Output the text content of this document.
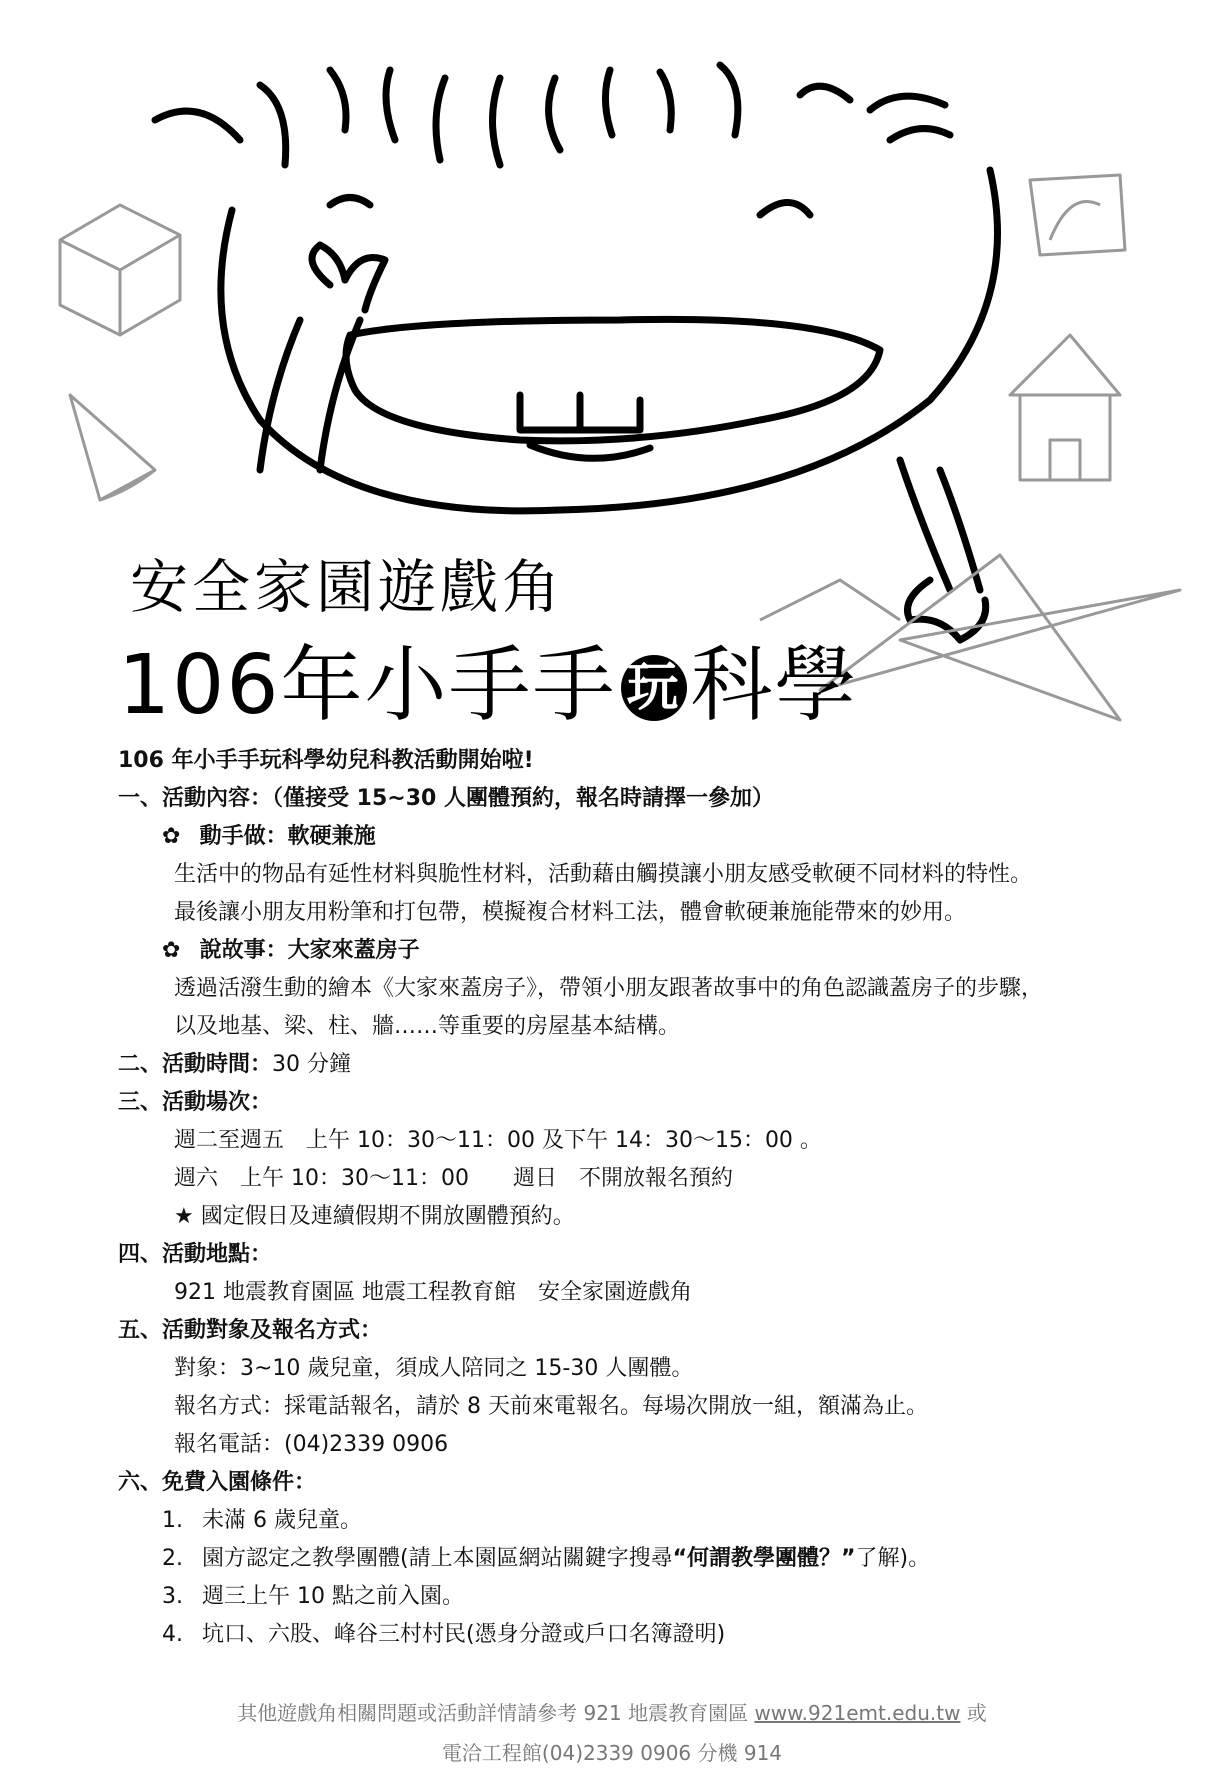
安全家園遊戲角
106年小手手 玩 科學
106 年小手手玩科學幼兒科教活動開始啦!
一、活動內容：（僅接受 15~30 人團體預約，報名時請擇一參加）
✿ 動手做：軟硬兼施
生活中的物品有延性材料與脆性材料，活動藉由觸摸讓小朋友感受軟硬不同材料的特性。
最後讓小朋友用粉筆和打包帶，模擬複合材料工法，體會軟硬兼施能帶來的妙用。
✿ 說故事：大家來蓋房子
透過活潑生動的繪本《大家來蓋房子》，帶領小朋友跟著故事中的角色認識蓋房子的步驟，
以及地基、梁、柱、牆……等重要的房屋基本結構。
二、活動時間：30 分鐘
三、活動場次：
週二至週五　上午 10：30～11：00 及下午 14：30～15：00 。
週六　上午 10：30～11：00　　週日　不開放報名預約
★ 國定假日及連續假期不開放團體預約。
四、活動地點：
921 地震教育園區 地震工程教育館　安全家園遊戲角
五、活動對象及報名方式：
對象：3~10 歲兒童，須成人陪同之 15-30 人團體。
報名方式：採電話報名，請於 8 天前來電報名。每場次開放一組，額滿為止。
報名電話：(04)2339 0906
六、免費入園條件：
1. 未滿 6 歲兒童。
2. 園方認定之教學團體(請上本園區網站關鍵字搜尋“何謂教學團體？”了解)。
3. 週三上午 10 點之前入園。
4. 坑口、六股、峰谷三村村民(憑身分證或戶口名簿證明)
其他遊戲角相關問題或活動詳情請參考 921 地震教育園區 www.921emt.edu.tw 或
電洽工程館(04)2339 0906 分機 914
